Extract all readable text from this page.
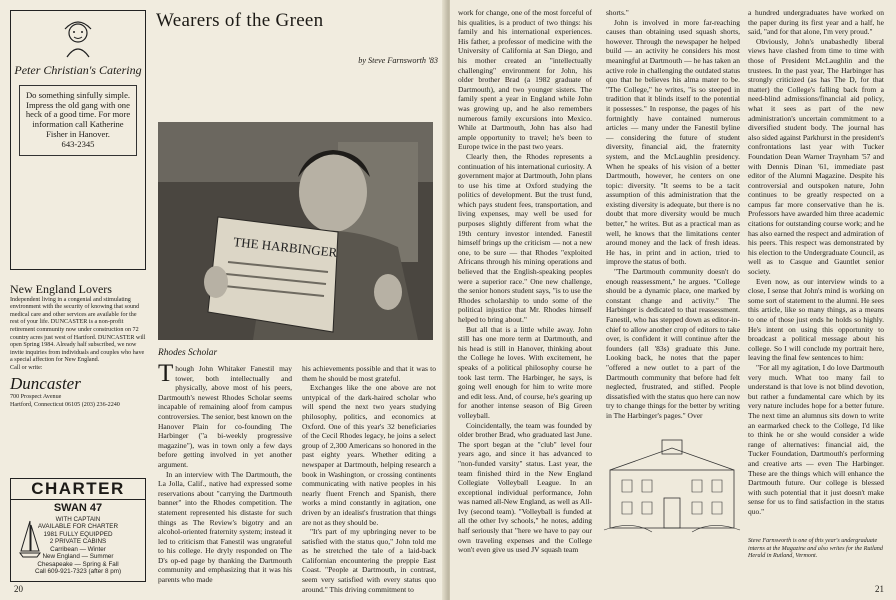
Peter Christian's Catering
Do something sinfully simple. Impress the old gang with one heck of a good time. For more information call Katherine Fisher in Hanover.
643-2345
New England Lovers
Independent living in a congenial and stimulating environment with the security of knowing that sound medical care and other services are available for the rest of your life. DUNCASTER is a non-profit retirement community now under construction on 72 country acres just west of Hartford. DUNCASTER will open Spring 1984. Already half subscribed, we now invite inquiries from individuals and couples who have a special affection for New England.
Call or write:
Duncaster
700 Prospect Avenue
Hartford, Connecticut 06105 (203) 236-2240
CHARTER
SWAN 47
WITH CAPTAIN
AVAILABLE FOR CHARTER
1981 FULLY EQUIPPED
2 PRIVATE CABINS
Carribean — Winter
New England — Summer
Chesapeake — Spring & Fall
Call 609-921-7323 (after 8 pm)
20
Wearers of the Green
by Steve Farnsworth '83
THE HARBINGER
Rhodes Scholar

Though John Whitaker Fanestil may tower, both intellectually and physically, above most of his peers, Dartmouth's newest Rhodes Scholar seems incapable of remaining aloof from campus controversies. The senior, best known on the Hanover Plain for co-founding The Harbinger ("a bi-weekly progressive magazine"), was in town only a few days before getting involved in yet another argument.

In an interview with The Dartmouth, the La Jolla, Calif., native had expressed some reservations about "carrying the Dartmouth banner" into the Rhodes competition. The statement represented his distaste for such things as The Review's bigotry and an alcohol-oriented fraternity system; instead it led to criticism that Fanestil was ungrateful to his college. He dryly responded on The D's op-ed page by thanking the Dartmouth community and emphasizing that it was his parents who made

his achievements possible and that it was to them he should be most grateful.

Exchanges like the one above are not untypical of the dark-haired scholar who will spend the next two years studying philosophy, politics, and economics at Oxford. One of this year's 32 beneficiaries of the Cecil Rhodes legacy, he joins a select group of 2,300 Americans so honored in the past eighty years. Whether editing a newspaper at Dartmouth, helping research a book in Washington, or crossing continents communicating with native peoples in his nearly fluent French and Spanish, there works a mind constantly in agitation, one driven by an idealist's frustration that things are not as they should be.

"It's part of my upbringing never to be satisfied with the status quo," John told me as he stretched the tale of a laid-back Californian encountering the preppie East Coast. "People at Dartmouth, in contrast, seem very satisfied with every status quo around." This driving commitment to

work for change, one of the most forceful of his qualities, is a product of two things: his family and his international experiences. His father, a professor of medicine with the University of California at San Diego, and his mother created an "intellectually challenging" environment for John, his older brother Brad (a 1982 graduate of Dartmouth), and two younger sisters. The family spent a year in England while John was growing up, and he also remembers numerous family excursions into Mexico. While at Dartmouth, John has also had ample opportunity to travel; he's been to Europe twice in the past two years.

Clearly then, the Rhodes represents a continuation of his international curiosity. A government major at Dartmouth, John plans to use his time at Oxford studying the politics of development. But the trust fund, which pays student fees, transportation, and living expenses, may well be used for purposes slightly different from what the 19th century investor intended. Fanestil himself brings up the criticism — not a new one, to be sure — that Rhodes "exploited Africans through his mining operations and believed that the English-speaking peoples were a superior race." One new challenge, the senior honors student says, "is to use the Rhodes scholarship to undo some of the political injustice that Mr. Rhodes himself helped to bring about."

But all that is a little while away. John still has one more term at Dartmouth, and his head is still in Hanover, thinking about the College he loves. With excitement, he speaks of a political philosophy course he took last term. The Harbinger, he says, is going well enough for him to write more and edit less. And, of course, he's gearing up for another intense season of Big Green volleyball.

Coincidentally, the team was founded by older brother Brad, who graduated last June. The sport began at the "club" level four years ago, and since it has advanced to "non-funded varsity" status. Last year, the team finished third in the New England Collegiate Volleyball League. In an exceptional individual performance, John was named all-New England, as well as All-Ivy (second team). "Volleyball is funded at all the other Ivy schools," he notes, adding half seriously that "here we have to pay our own traveling expenses and the College won't even give us used JV squash team

shorts."

John is involved in more far-reaching causes than obtaining used squash shorts, however. Through the newspaper he helped build — an activity he considers his most meaningful at Dartmouth — he has taken an active role in challenging the outdated status quo that he believes his alma mater to be. "The College," he writes, "is so steeped in tradition that it blinds itself to the potential it possesses." In response, the pages of his fortnightly have contained numerous articles — many under the Fanestil byline — considering the future of student diversity, financial aid, the fraternity system, and the McLaughlin presidency. When he speaks of his vision of a better Dartmouth, however, he centers on one topic: diversity. "It seems to be a tacit assumption of this administration that the existing diversity is adequate, but there is no doubt that more diversity would be much better," he writes. But as a practical man as well, he knows that the limitations center around money and the lack of fresh ideas. He has, in print and in action, tried to improve the status of both.

"The Dartmouth community doesn't do enough reassessment," he argues. "College should be a dynamic place, one marked by constant change and activity." The Harbinger is dedicated to that reassessment. Fanestil, who has stepped down as editor-in-chief to allow another crop of editors to take over, is confident it will continue after the founders (all '83s) graduate this June. Looking back, he notes that the paper "offered a new outlet to a part of the Dartmouth community that before had felt neglected, frustrated, and stifled. People dissatisfied with the status quo here can now try to change things for the better by writing in The Harbinger's pages." Over

a hundred undergraduates have worked on the paper during its first year and a half, he said, "and for that alone, I'm very proud."

Obviously, John's unabashedly liberal views have clashed from time to time with those of President McLaughlin and the trustees. In the past year, The Harbinger has strongly criticized (as has The D, for that matter) the College's falling back from a need-blind admissions/financial aid policy, what it sees as part of the new administration's uncertain commitment to a diversified student body. The journal has also sided against Parkhurst in the president's confrontations last year with Tucker Foundation Dean Warner Traynham '57 and with Dennis Dinan '61, immediate past editor of the Alumni Magazine. Despite his controversial and outspoken nature, John continues to be greatly respected on a campus far more conservative than he is. Professors have awarded him three academic citations for outstanding course work; and he has also earned the respect and admiration of his peers. This respect was demonstrated by his election to the Undergraduate Council, as well as to Casque and Gauntlet senior society.

Even now, as our interview winds to a close, I sense that John's mind is working on some sort of statement to the alumni. He sees this article, like so many things, as a means to one of those just ends he holds so highly. He's intent on using this opportunity to broadcast a political message about his college. So I will conclude my portrait here, leaving the final few sentences to him:

"For all my agitation, I do love Dartmouth very much. What too many fail to understand is that love is not blind devotion, but rather a fundamental care which by its very nature includes hope for a better future. The next time an alumnus sits down to write an earmarked check to the College, I'd like to think he or she would consider a wide range of alternatives: financial aid, the Tucker Foundation, Dartmouth's performing and creative arts — even The Harbinger. These are the things which will enhance the Dartmouth future. Our college is blessed with such potential that it just doesn't make sense for us to find satisfaction in the status quo."

Steve Farnsworth is one of this year's undergraduate interns at the Magazine and also writes for the Rutland Herald in Rutland, Vermont.
21
